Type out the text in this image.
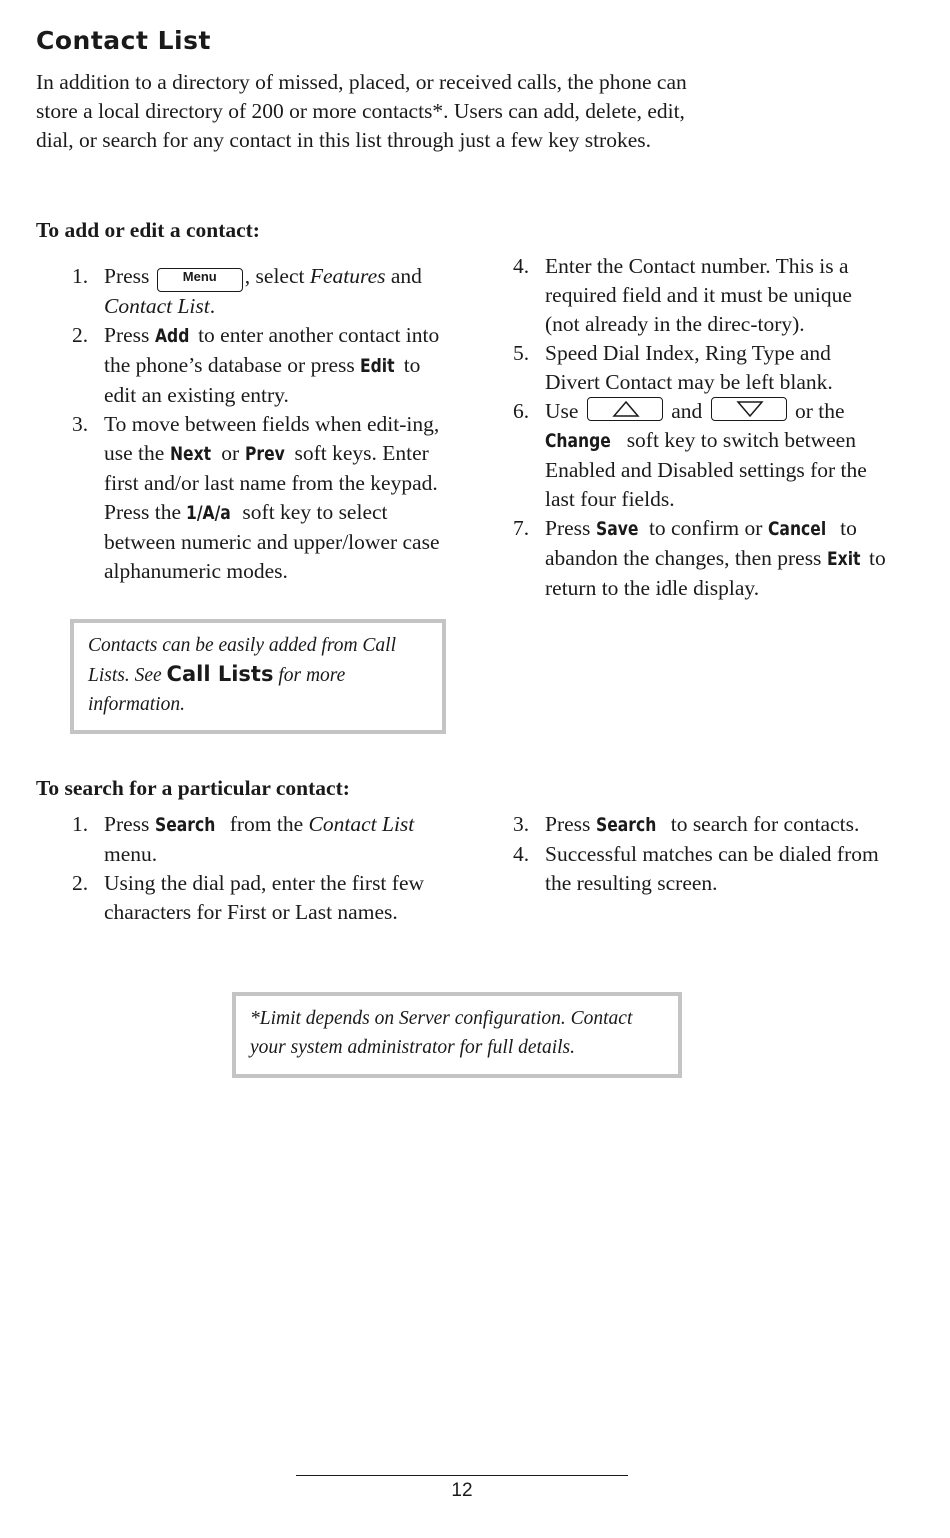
Contact List

In addition to a directory of missed, placed, or received calls, the phone can store a local directory of 200 or more contacts*. Users can add, delete, edit, dial, or search for any contact in this list through just a few key strokes.

To add or edit a contact:
1. Press	Menu , select Features and Contact List.
2. Press Add to enter another contact into the phone’s database or press Edit to edit an existing entry.
3. To move between fields when edit-ing, use the Next or Prev soft keys. Enter first and/or last name from the keypad. Press the 1/A/a soft key to select between numeric and upper/lower case alphanumeric modes.
Contacts can be easily added from Call Lists. See Call Lists for more information.
4. Enter the Contact number. This is a required field and it must be unique (not already in the direc-tory).
5. Speed Dial Index, Ring Type and Divert Contact may be left blank.
6. Use	and	or the Change soft key to switch between Enabled and Disabled settings for the last four fields.
7. Press Save to confirm or Cancel to abandon the changes, then press Exit to return to the idle display.
To search for a particular contact:
1. Press Search from the Contact List menu.
2. Using the dial pad, enter the first few characters for First or Last names.
3. Press Search to search for contacts.
4. Successful matches can be dialed from the resulting screen.
*Limit depends on Server configuration. Contact your system administrator for full details.
12
